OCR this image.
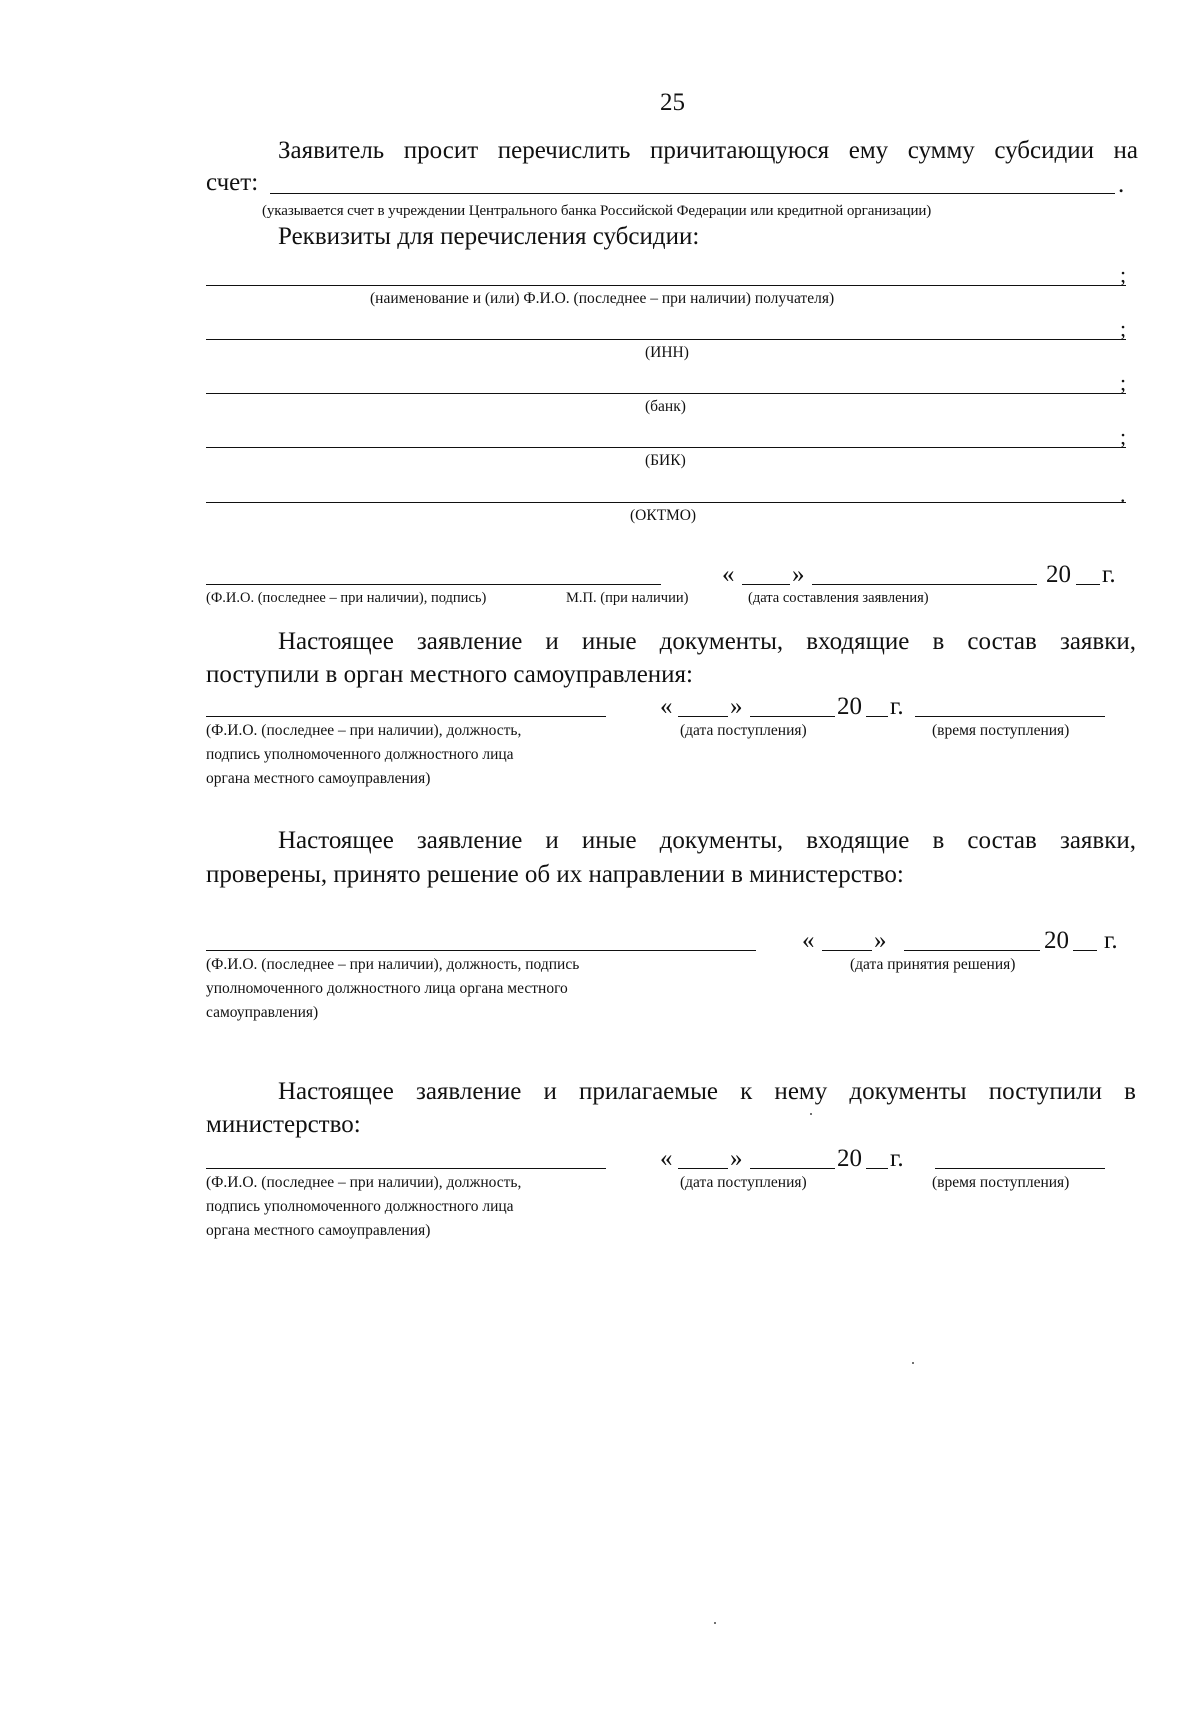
25
Заявитель просит перечислить причитающуюся ему сумму субсидии на
счет:	.
(указывается счет в учреждении Центрального банка Российской Федерации или кредитной организации)
Реквизиты для перечисления субсидии:
;
(наименование и (или) Ф.И.О. (последнее – при наличии) получателя)
;
(ИНН)
;
(банк)
;
(БИК)
.
(ОКТМО)
« »	20 г.
(Ф.И.О. (последнее – при наличии), подпись)	М.П. (при наличии)	(дата составления заявления)
Настоящее заявление и иные документы, входящие в состав заявки,
поступили в орган местного самоуправления:
« »	20 г.
(Ф.И.О. (последнее – при наличии), должность,
подпись уполномоченного должностного лица
органа местного самоуправления)
(дата поступления)	(время поступления)
Настоящее заявление и иные документы, входящие в состав заявки,
проверены, принято решение об их направлении в министерство:
« »	20 г.
(Ф.И.О. (последнее – при наличии), должность, подпись
уполномоченного должностного лица органа местного
самоуправления)
(дата принятия решения)
Настоящее заявление и прилагаемые к нему документы поступили в
министерство:
« »	20 г.
(Ф.И.О. (последнее – при наличии), должность,
подпись уполномоченного должностного лица
органа местного самоуправления)
(дата поступления)	(время поступления)
